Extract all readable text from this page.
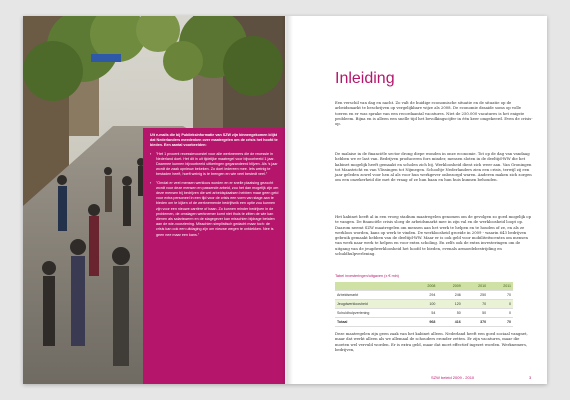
Uit e-mails die bij Publieksinformatie van SZW zijn binnengekomen blijkt dat Nederlanders meedenken over maatregelen om de crisis het hoofd te bieden. Een aantal voorbeelden:

› "Het 1 procent recessievoorstel voor alle werknemers die de recessie in Nederland doet. Het dit in uit tijdelijke maatregel voor bijvoorbeeld 1 jaar. Daarmee kunnen bijvoorbeeld uitkeringen gegarandeerd blijven. Als ‘s jaar wordt de zaak opnieuw bekeken. Zo doet iedereen mee. Iets weinig te bestaden heeft, hoeft weinig is te brengen en wie veel bestedt veel."

› "Omdat er veel mensen werkloos worden en er snelle plaatsing gezocht wordt voor deze mensen en passende arbeid, zou het dan mogelijk zijn om deze mensen bij bedrijven die wel arbeidsplaatsen hebben maar geen geld voor extra personeel in een tijd voor de crisis een vorm van stage aan te bieden om te kijken of de werknemende bedrijfsnik een optie zou kunnen zijn voor een nieuwe carrière of baan. Zo kunnen minder bedrijven in de problemen, de omslagen werknemer komt niet thuis te zitten de wie kan dienen als salariswerm en de stagegever kan misschien bijdrage betalen aan de wie-voorziening. Misschien simplistisch gedacht maar toch: de crisis kan ook een uitdaging zijn om nieuwe wegen te ontdekken. Nee is geen nee maar een kans."

Inleiding

Een verschil van dag en nacht. Zo valt de huidige economische situatie en de situatie op de arbeidsmarkt te beschrijven op vergelijkbare wijze als 2008. De economie draaide soms op volle toeren en er was sprake van een recordaantal vacatures. Niet de 250.000 vacatures is het enigste probleem. Bijna en is alleen een snelle tijd het bevolkingscijfer in één keer omgekeerd. Even de crisis-op.

De malaise in de financiële sector drong diepe wonden in onze economie. Tot op de dag van vandaag hebben we er last van. Bedrijven produceren fors minder, mensen sloten in de deeltijd-WW die het kabinet mogelijk heeft gemaakt en scholen zich bij. Werkloosheid dient zich weer aan. Van Groningen tot Maastricht en van Vlissingen tot Nijmegen. Schooltje Nederlanders zien een crisis, terwijl zij een jaar geleden zowel voor hen al als voor hun werkgever onbezorgd waren. Anderen maken zich zorgen om een onzekerheid die met de vraag of ze hun baan en hun huis kunnen behouden.

Het kabinet heeft al in een vroeg stadium maatregelen genomen om de gevolgen zo goed mogelijk op te vangen. De financiële crisis sloeg de arbeidsmarkt mee in zijn val en de werkloosheid loopt op. Daarom neemt SZW maatregelen om mensen aan het werk te helpen en te houden of ze, en als ze werkloos worden, kans op werk te vinden. De werkloosheid groeide in 2009 - waarin 643 bedrijven gebruik gemaakt hebben van de deeltijd-WW. Maar er is ook geld voor mobiliteitscentra om mensen van werk naar werk te helpen en voor extra scholing. En zelfs ook de extra investeringen om de uitgang van de jeugdwerkloosheid het hoofd te bieden, evenals armoedebestrijding en schuldhulpverlening.

Tabel investeringen/uitgaven (x € mln)

	2008	2009	2010	2011
Arbeidsmarkt	294	246	250	70
Jeugdwerkloosheid	100	120	70	0
Schuldhulpverlening	54	50	50	0
Totaal	968	416	370	70

Deze maatregelen zijn geen zaak van het kabinet alleen. Nederland heeft een goed sociaal vangnet, maar dat werkt alleen als we allemaal de schouders eronder zetten. Er zijn vacatures, maar die moeten wel vervuld worden. Er is extra geld, maar dat moet effectief ingezet worden. Werknemers, bedrijven,

SZW beleid 2009 - 2010	3
